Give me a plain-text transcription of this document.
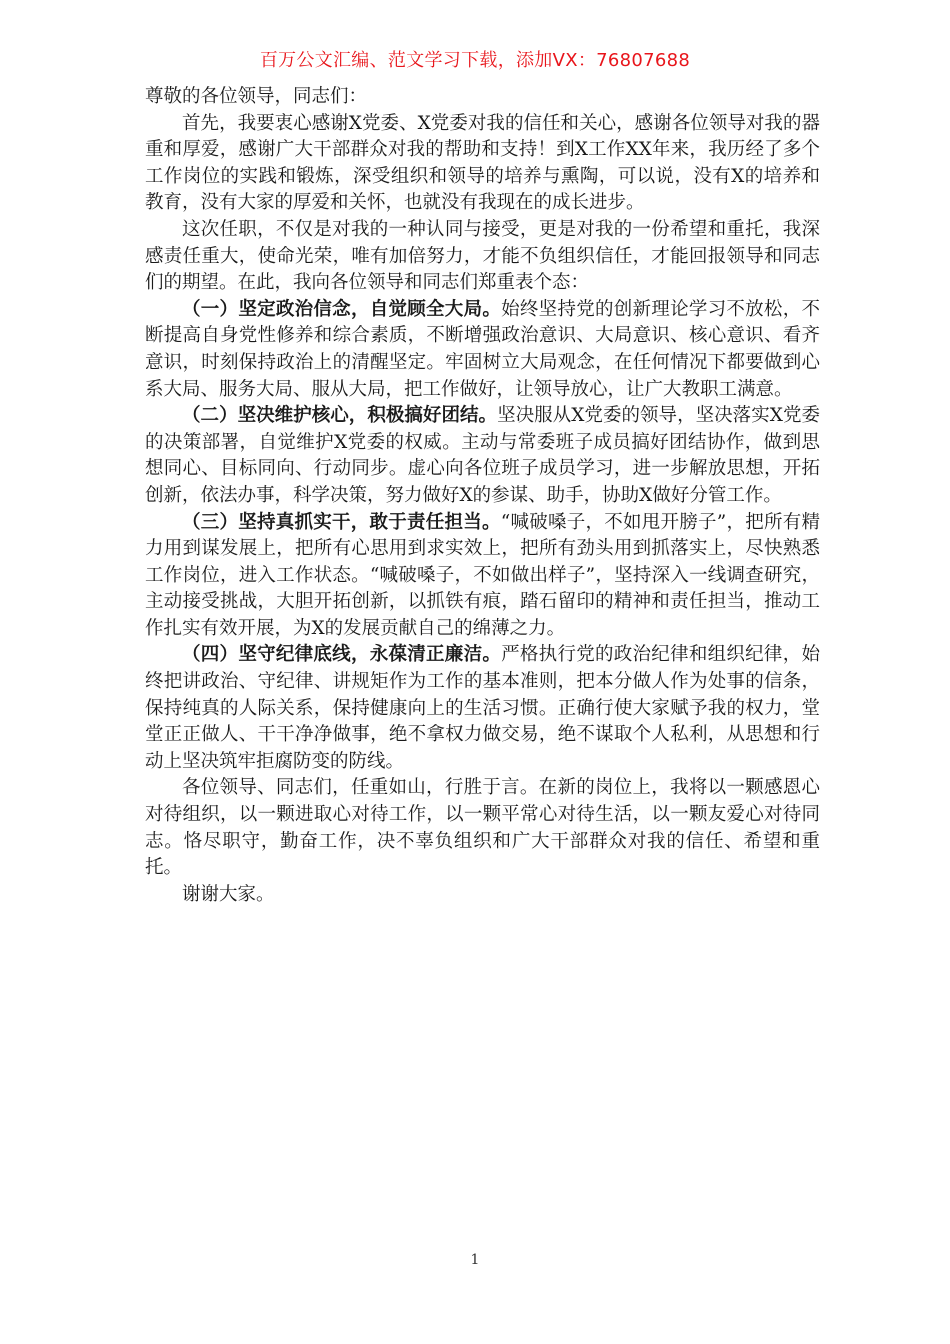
百万公文汇编、范文学习下载，添加VX：76807688

尊敬的各位领导，同志们：

首先，我要衷心感谢X党委、X党委对我的信任和关心，感谢各位领导对我的器重和厚爱，感谢广大干部群众对我的帮助和支持！到X工作XX年来，我历经了多个工作岗位的实践和锻炼，深受组织和领导的培养与熏陶，可以说，没有X的培养和教育，没有大家的厚爱和关怀，也就没有我现在的成长进步。

这次任职，不仅是对我的一种认同与接受，更是对我的一份希望和重托，我深感责任重大，使命光荣，唯有加倍努力，才能不负组织信任，才能回报领导和同志们的期望。在此，我向各位领导和同志们郑重表个态：

（一）坚定政治信念，自觉顾全大局。始终坚持党的创新理论学习不放松，不断提高自身党性修养和综合素质，不断增强政治意识、大局意识、核心意识、看齐意识，时刻保持政治上的清醒坚定。牢固树立大局观念，在任何情况下都要做到心系大局、服务大局、服从大局，把工作做好，让领导放心，让广大教职工满意。

（二）坚决维护核心，积极搞好团结。坚决服从X党委的领导，坚决落实X党委的决策部署，自觉维护X党委的权威。主动与常委班子成员搞好团结协作，做到思想同心、目标同向、行动同步。虚心向各位班子成员学习，进一步解放思想，开拓创新，依法办事，科学决策，努力做好X的参谋、助手，协助X做好分管工作。

（三）坚持真抓实干，敢于责任担当。“喊破嗓子，不如甩开膀子”，把所有精力用到谋发展上，把所有心思用到求实效上，把所有劲头用到抓落实上，尽快熟悉工作岗位，进入工作状态。“喊破嗓子，不如做出样子”，坚持深入一线调查研究，主动接受挑战，大胆开拓创新，以抓铁有痕，踏石留印的精神和责任担当，推动工作扎实有效开展，为X的发展贡献自己的绵薄之力。

（四）坚守纪律底线，永葆清正廉洁。严格执行党的政治纪律和组织纪律，始终把讲政治、守纪律、讲规矩作为工作的基本准则，把本分做人作为处事的信条，保持纯真的人际关系，保持健康向上的生活习惯。正确行使大家赋予我的权力，堂堂正正做人、干干净净做事，绝不拿权力做交易，绝不谋取个人私利，从思想和行动上坚决筑牢拒腐防变的防线。

各位领导、同志们，任重如山，行胜于言。在新的岗位上，我将以一颗感恩心对待组织，以一颗进取心对待工作，以一颗平常心对待生活，以一颗友爱心对待同志。恪尽职守，勤奋工作，决不辜负组织和广大干部群众对我的信任、希望和重托。

谢谢大家。

1
